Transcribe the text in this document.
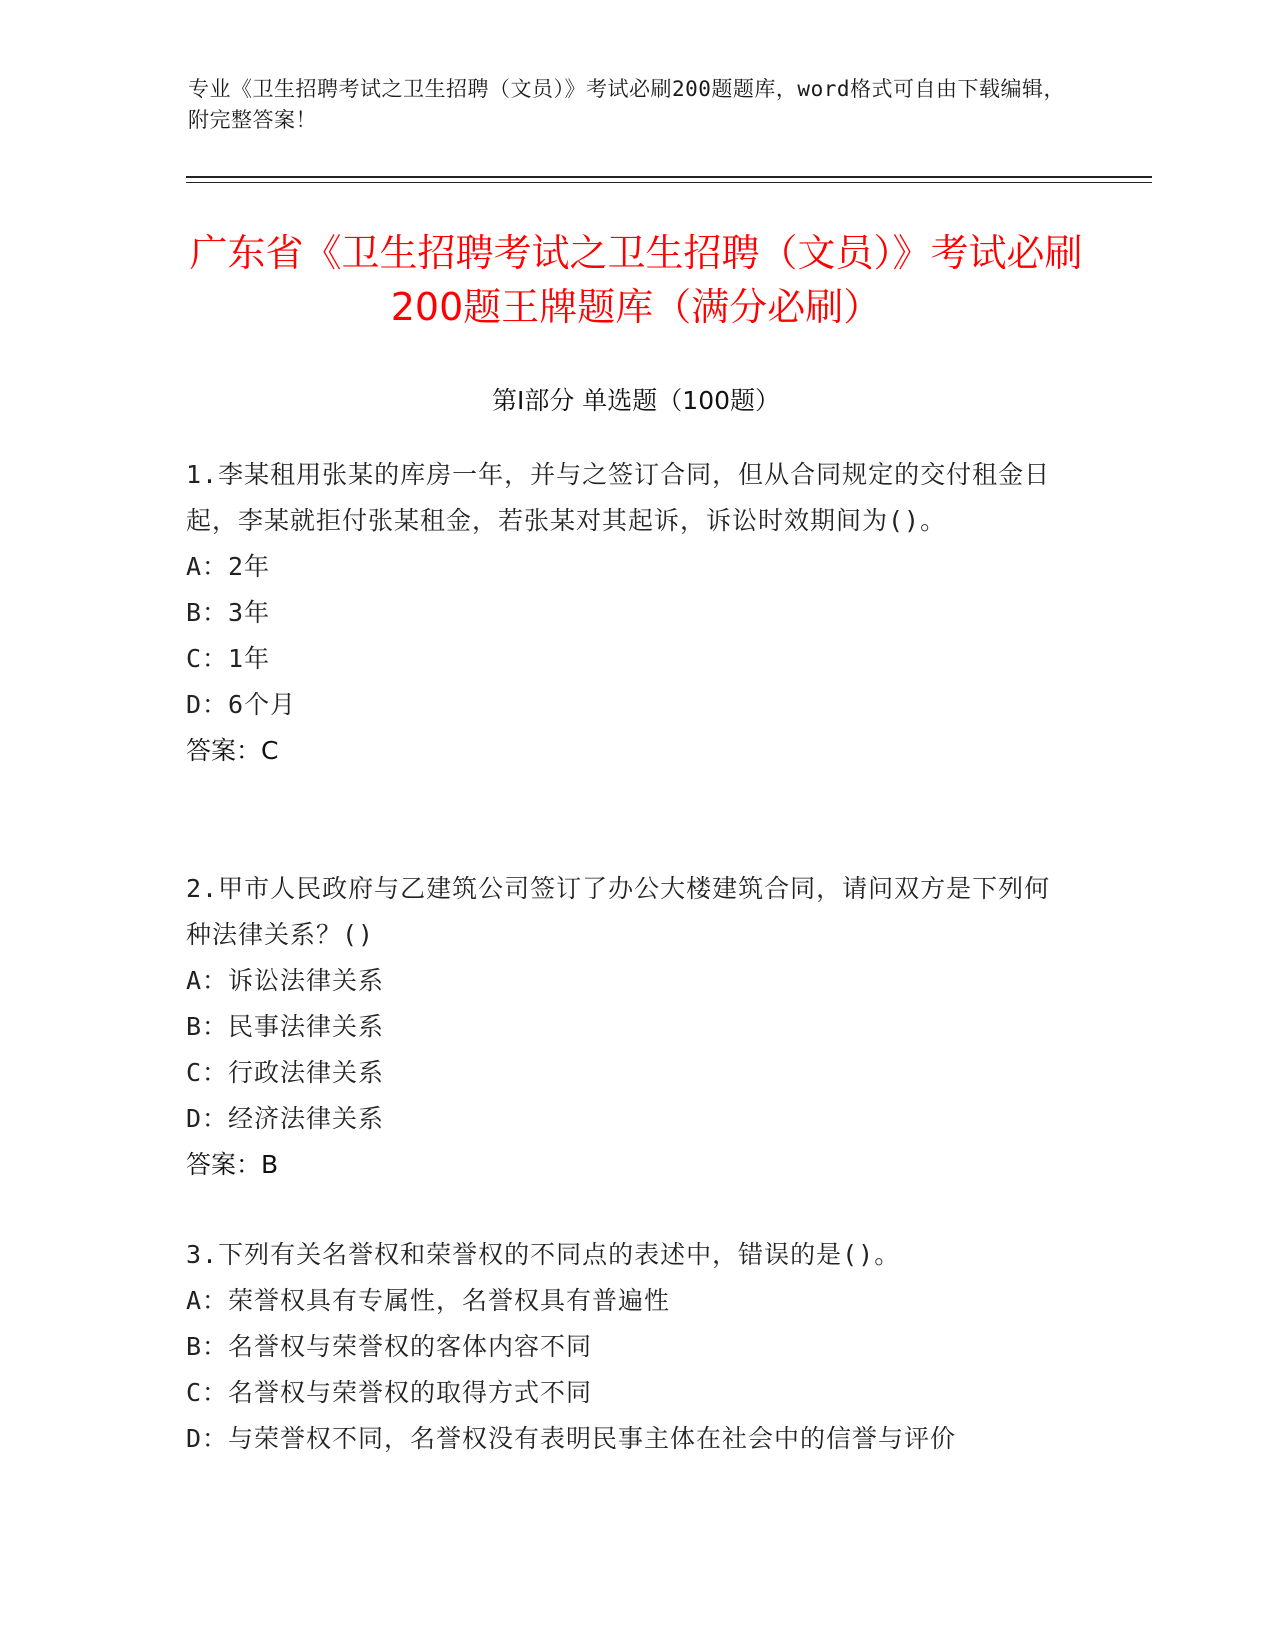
专业《卫生招聘考试之卫生招聘（文员）》考试必刷200题题库，word格式可自由下载编辑，附完整答案！
广东省《卫生招聘考试之卫生招聘（文员）》考试必刷200题王牌题库（满分必刷）
第Ⅰ部分 单选题（100题）
1.李某租用张某的库房一年，并与之签订合同，但从合同规定的交付租金日起，李某就拒付张某租金，若张某对其起诉，诉讼时效期间为()。
A：2年
B：3年
C：1年
D：6个月
答案：C
2.甲市人民政府与乙建筑公司签订了办公大楼建筑合同，请问双方是下列何种法律关系？()
A：诉讼法律关系
B：民事法律关系
C：行政法律关系
D：经济法律关系
答案：B
3.下列有关名誉权和荣誉权的不同点的表述中，错误的是()。
A：荣誉权具有专属性，名誉权具有普遍性
B：名誉权与荣誉权的客体内容不同
C：名誉权与荣誉权的取得方式不同
D：与荣誉权不同，名誉权没有表明民事主体在社会中的信誉与评价
